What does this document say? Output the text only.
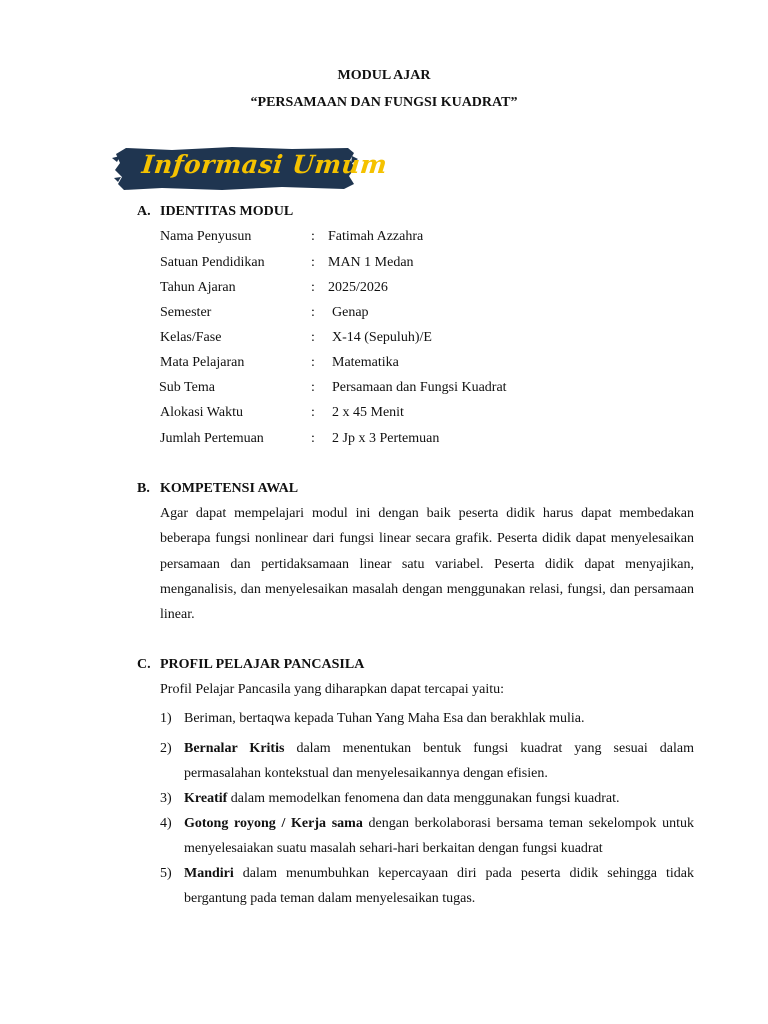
MODUL AJAR
“PERSAMAAN DAN FUNGSI KUADRAT”
Informasi Umum
A. IDENTITAS MODUL
Nama Penyusun	: Fatimah Azzahra
Satuan Pendidikan	: MAN 1 Medan
Tahun Ajaran	: 2025/2026
Semester	: Genap
Kelas/Fase	: X-14 (Sepuluh)/E
Mata Pelajaran	: Matematika
Sub Tema	: Persamaan dan Fungsi Kuadrat
Alokasi Waktu	: 2 x 45 Menit
Jumlah Pertemuan	: 2 Jp x 3 Pertemuan
B. KOMPETENSI AWAL
Agar dapat mempelajari modul ini dengan baik peserta didik harus dapat membedakan beberapa fungsi nonlinear dari fungsi linear secara grafik. Peserta didik dapat menyelesaikan persamaan dan pertidaksamaan linear satu variabel. Peserta didik dapat menyajikan, menganalisis, dan menyelesaikan masalah dengan menggunakan relasi, fungsi, dan persamaan linear.
C. PROFIL PELAJAR PANCASILA
Profil Pelajar Pancasila yang diharapkan dapat tercapai yaitu:
1) Beriman, bertaqwa kepada Tuhan Yang Maha Esa dan berakhlak mulia.
2) Bernalar Kritis dalam menentukan bentuk fungsi kuadrat yang sesuai dalam permasalahan kontekstual dan menyelesaikannya dengan efisien.
3) Kreatif dalam memodelkan fenomena dan data menggunakan fungsi kuadrat.
4) Gotong royong / Kerja sama dengan berkolaborasi bersama teman sekelompok untuk menyelesaiakan suatu masalah sehari-hari berkaitan dengan fungsi kuadrat
5) Mandiri dalam menumbuhkan kepercayaan diri pada peserta didik sehingga tidak bergantung pada teman dalam menyelesaikan tugas.
